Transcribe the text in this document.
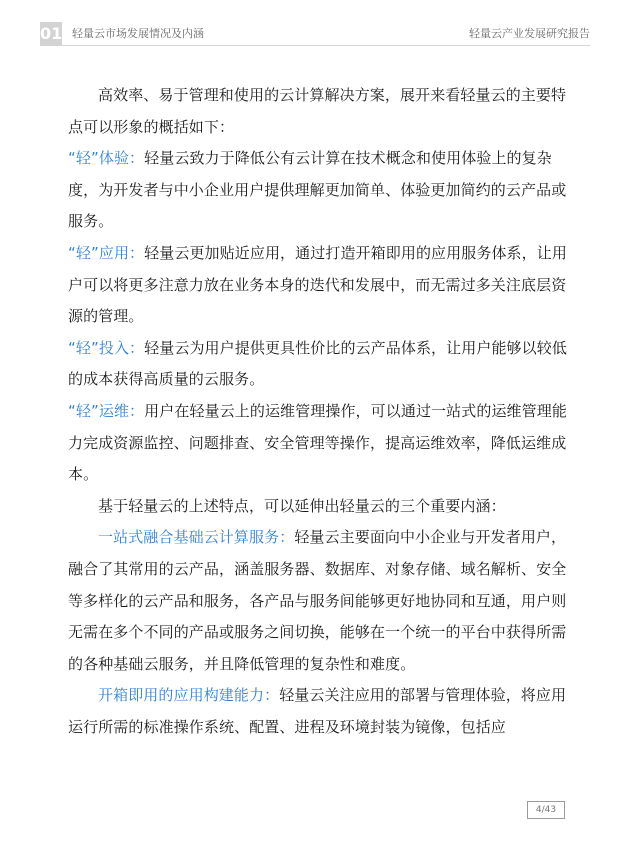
01 轻量云市场发展情况及内涵	轻量云产业发展研究报告

高效率、易于管理和使用的云计算解决方案，展开来看轻量云的主要特点可以形象的概括如下：

“轻”体验：轻量云致力于降低公有云计算在技术概念和使用体验上的复杂度，为开发者与中小企业用户提供理解更加简单、体验更加简约的云产品或服务。

“轻”应用：轻量云更加贴近应用，通过打造开箱即用的应用服务体系，让用户可以将更多注意力放在业务本身的迭代和发展中，而无需过多关注底层资源的管理。

“轻”投入：轻量云为用户提供更具性价比的云产品体系，让用户能够以较低的成本获得高质量的云服务。

“轻”运维：用户在轻量云上的运维管理操作，可以通过一站式的运维管理能力完成资源监控、问题排查、安全管理等操作，提高运维效率，降低运维成本。

基于轻量云的上述特点，可以延伸出轻量云的三个重要内涵：

一站式融合基础云计算服务：轻量云主要面向中小企业与开发者用户，融合了其常用的云产品，涵盖服务器、数据库、对象存储、域名解析、安全等多样化的云产品和服务，各产品与服务间能够更好地协同和互通，用户则无需在多个不同的产品或服务之间切换，能够在一个统一的平台中获得所需的各种基础云服务，并且降低管理的复杂性和难度。

开箱即用的应用构建能力：轻量云关注应用的部署与管理体验，将应用运行所需的标准操作系统、配置、进程及环境封装为镜像，包括应

4/43
